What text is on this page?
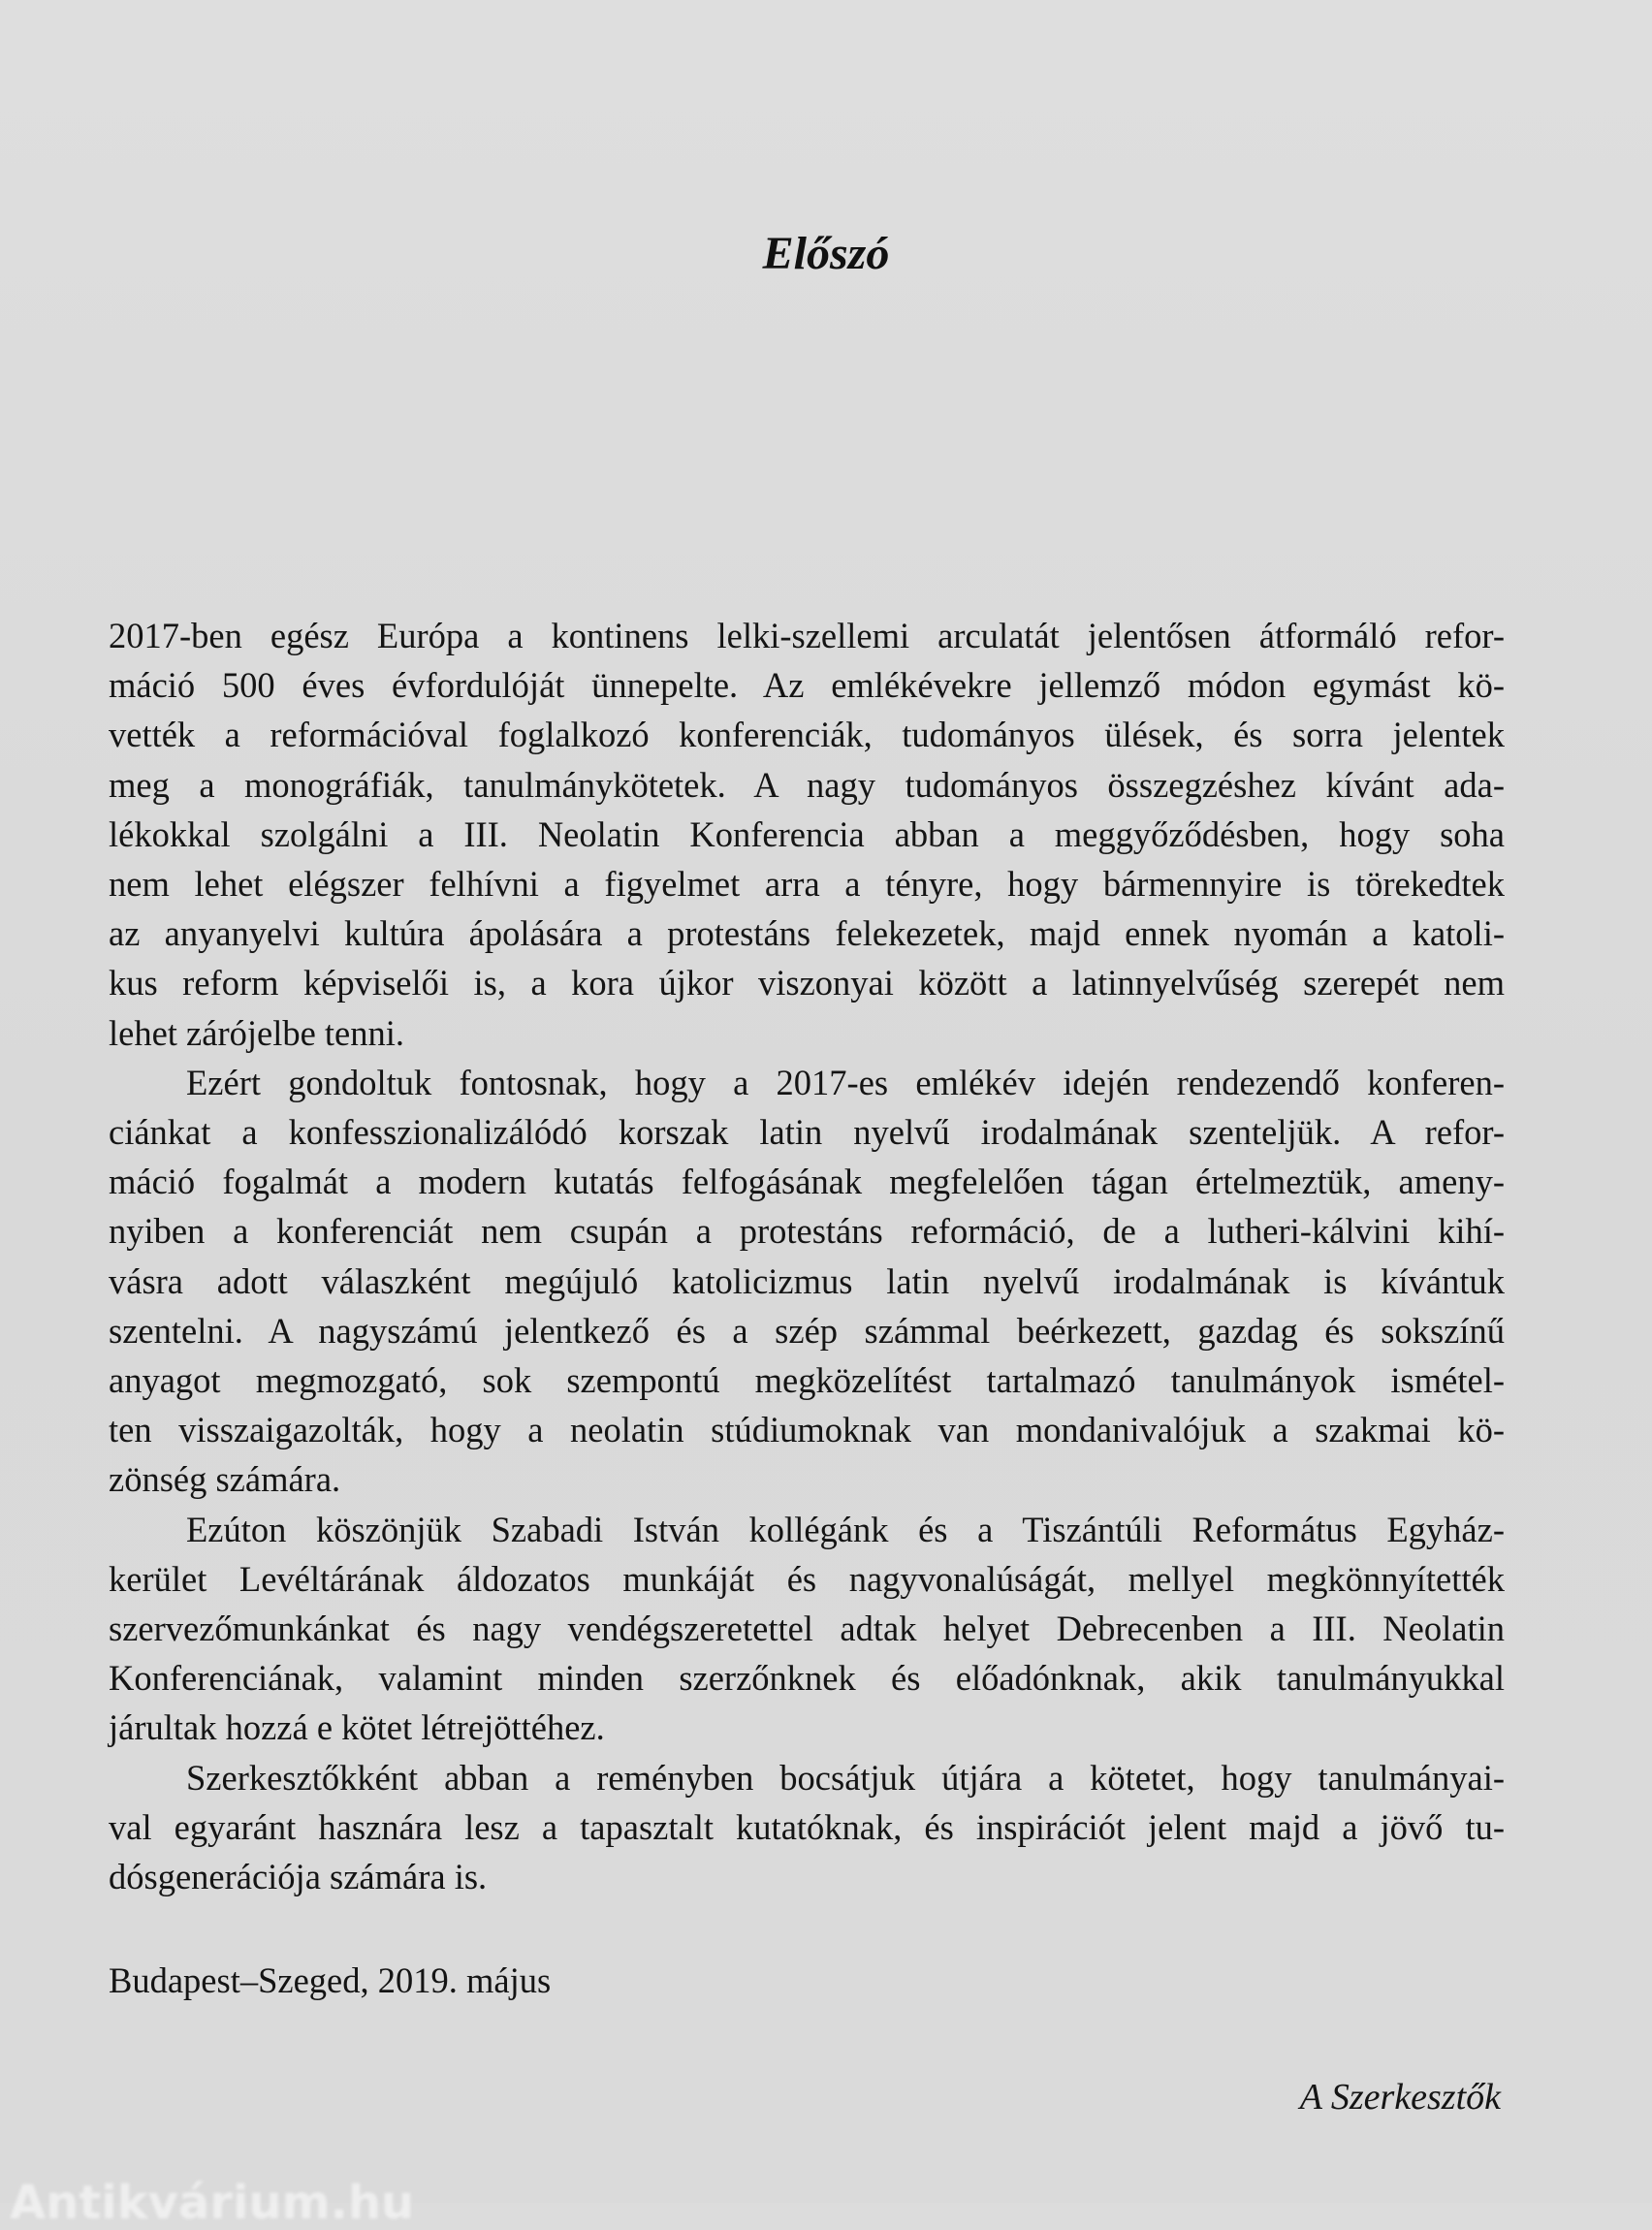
Előszó
2017-ben egész Európa a kontinens lelki-szellemi arculatát jelentősen átformáló refor-
máció 500 éves évfordulóját ünnepelte. Az emlékévekre jellemző módon egymást kö-
vették a reformációval foglalkozó konferenciák, tudományos ülések, és sorra jelentek
meg a monográfiák, tanulmánykötetek. A nagy tudományos összegzéshez kívánt ada-
lékokkal szolgálni a III. Neolatin Konferencia abban a meggyőződésben, hogy soha
nem lehet elégszer felhívni a figyelmet arra a tényre, hogy bármennyire is törekedtek
az anyanyelvi kultúra ápolására a protestáns felekezetek, majd ennek nyomán a katoli-
kus reform képviselői is, a kora újkor viszonyai között a latinnyelvűség szerepét nem
lehet zárójelbe tenni.
Ezért gondoltuk fontosnak, hogy a 2017-es emlékév idején rendezendő konferen-
ciánkat a konfesszionalizálódó korszak latin nyelvű irodalmának szenteljük. A refor-
máció fogalmát a modern kutatás felfogásának megfelelően tágan értelmeztük, ameny-
nyiben a konferenciát nem csupán a protestáns reformáció, de a lutheri-kálvini kihí-
vásra adott válaszként megújuló katolicizmus latin nyelvű irodalmának is kívántuk
szentelni. A nagyszámú jelentkező és a szép számmal beérkezett, gazdag és sokszínű
anyagot megmozgató, sok szempontú megközelítést tartalmazó tanulmányok ismétel-
ten visszaigazolták, hogy a neolatin stúdiumoknak van mondanivalójuk a szakmai kö-
zönség számára.
Ezúton köszönjük Szabadi István kollégánk és a Tiszántúli Református Egyház-
kerület Levéltárának áldozatos munkáját és nagyvonalúságát, mellyel megkönnyítették
szervezőmunkánkat és nagy vendégszeretettel adtak helyet Debrecenben a III. Neolatin
Konferenciának, valamint minden szerzőnknek és előadónknak, akik tanulmányukkal
járultak hozzá e kötet létrejöttéhez.
Szerkesztőkként abban a reményben bocsátjuk útjára a kötetet, hogy tanulmányai-
val egyaránt hasznára lesz a tapasztalt kutatóknak, és inspirációt jelent majd a jövő tu-
dósgenerációja számára is.
Budapest–Szeged, 2019. május
A Szerkesztők
Antikvárium.hu
